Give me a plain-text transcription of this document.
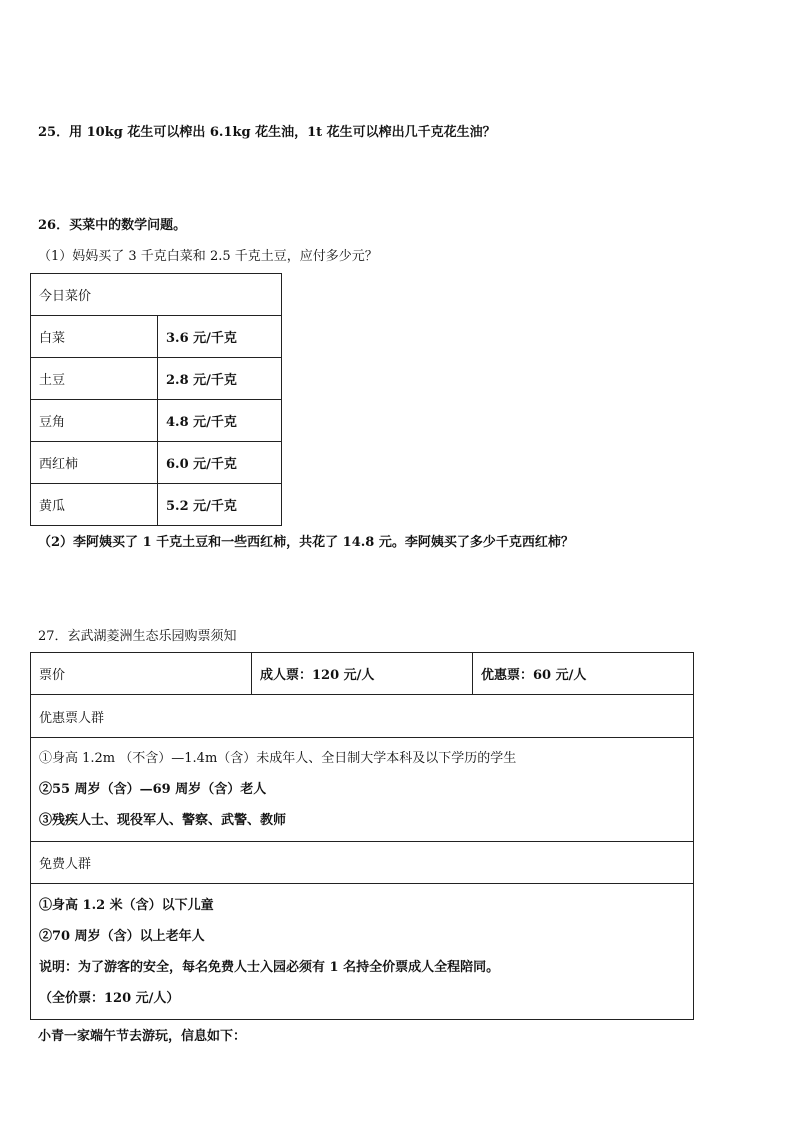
25．用 10kg 花生可以榨出 6.1kg 花生油，1t 花生可以榨出几千克花生油？
26．买菜中的数学问题。
（1）妈妈买了 3 千克白菜和 2.5 千克土豆，应付多少元？
今日菜价	
白菜	3.6 元/千克
土豆	2.8 元/千克
豆角	4.8 元/千克
西红柿	6.0 元/千克
黄瓜	5.2 元/千克
（2）李阿姨买了 1 千克土豆和一些西红柿，共花了 14.8 元。李阿姨买了多少千克西红柿？
27．玄武湖菱洲生态乐园购票须知
票价	成人票：120 元/人	优惠票：60 元/人
优惠票人群

①身高 1.2m （不含）—1.4m（含）未成年人、全日制大学本科及以下学历的学生
②55 周岁（含）—69 周岁（含）老人
③残疾人士、现役军人、警察、武警、教师

免费人群

①身高 1.2 米（含）以下儿童
②70 周岁（含）以上老年人
说明：为了游客的安全，每名免费人士入园必须有 1 名持全价票成人全程陪同。
（全价票：120 元/人）
小青一家端午节去游玩，信息如下：
